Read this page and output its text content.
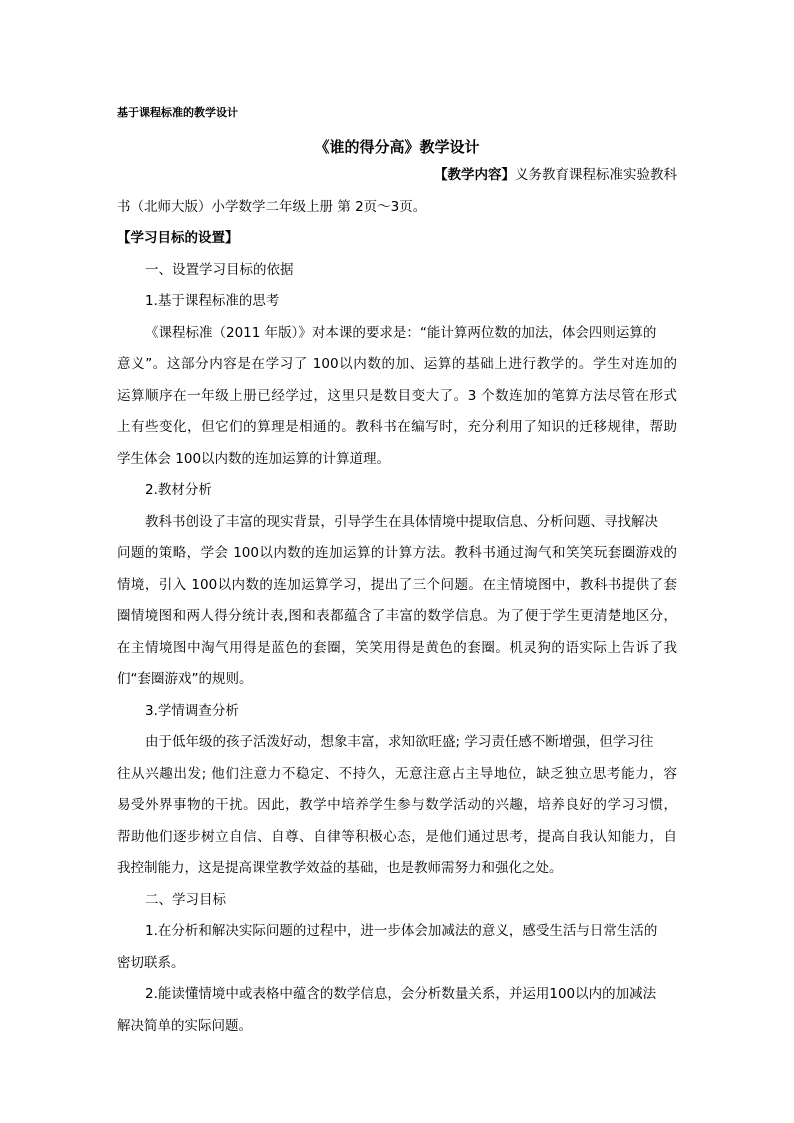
基于课程标准的教学设计
《谁的得分高》教学设计
【教学内容】义务教育课程标准实验教科
书（北师大版）小学数学二年级上册 第 2页～3页。
【学习目标的设置】
一、设置学习目标的依据
1.基于课程标准的思考
《课程标准（2011 年版）》对本课的要求是：“能计算两位数的加法，体会四则运算的
意义”。这部分内容是在学习了 100以内数的加、运算的基础上进行教学的。学生对连加的
运算顺序在一年级上册已经学过，这里只是数目变大了。3 个数连加的笔算方法尽管在形式
上有些变化，但它们的算理是相通的。教科书在编写时，充分利用了知识的迁移规律，帮助
学生体会 100以内数的连加运算的计算道理。
2.教材分析
教科书创设了丰富的现实背景，引导学生在具体情境中提取信息、分析问题、寻找解决
问题的策略，学会 100以内数的连加运算的计算方法。教科书通过淘气和笑笑玩套圈游戏的
情境，引入 100以内数的连加运算学习，提出了三个问题。在主情境图中，教科书提供了套
圈情境图和两人得分统计表,图和表都蕴含了丰富的数学信息。为了便于学生更清楚地区分，
在主情境图中淘气用得是蓝色的套圈，笑笑用得是黄色的套圈。机灵狗的语实际上告诉了我
们“套圈游戏”的规则。
3.学情调查分析
由于低年级的孩子活泼好动，想象丰富，求知欲旺盛; 学习责任感不断增强，但学习往
往从兴趣出发; 他们注意力不稳定、不持久，无意注意占主导地位，缺乏独立思考能力，容
易受外界事物的干扰。因此，教学中培养学生参与数学活动的兴趣，培养良好的学习习惯，
帮助他们逐步树立自信、自尊、自律等积极心态，是他们通过思考，提高自我认知能力，自
我控制能力，这是提高课堂教学效益的基础，也是教师需努力和强化之处。
二、学习目标
1.在分析和解决实际问题的过程中，进一步体会加减法的意义，感受生活与日常生活的
密切联系。
2.能读懂情境中或表格中蕴含的数学信息，会分析数量关系，并运用100以内的加减法
解决简单的实际问题。
